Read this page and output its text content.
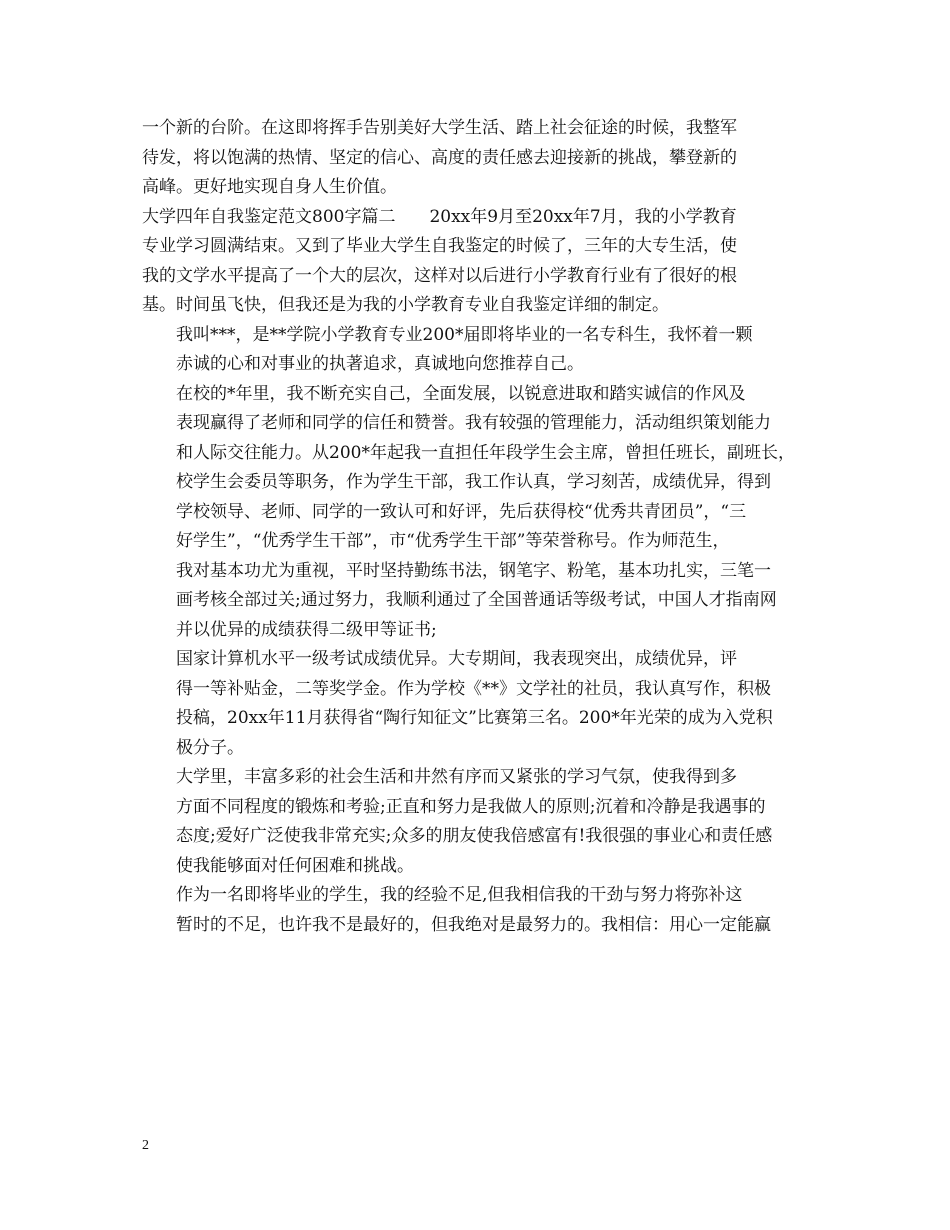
一个新的台阶。在这即将挥手告别美好大学生活、踏上社会征途的时候，我整军
待发，将以饱满的热情、坚定的信心、高度的责任感去迎接新的挑战，攀登新的
高峰。更好地实现自身人生价值。

大学四年自我鉴定范文800字篇二　　20xx年9月至20xx年7月，我的小学教育
专业学习圆满结束。又到了毕业大学生自我鉴定的时候了，三年的大专生活，使
我的文学水平提高了一个大的层次，这样对以后进行小学教育行业有了很好的根
基。时间虽飞快，但我还是为我的小学教育专业自我鉴定详细的制定。

我叫***，是**学院小学教育专业200*届即将毕业的一名专科生，我怀着一颗
赤诚的心和对事业的执著追求，真诚地向您推荐自己。

在校的*年里，我不断充实自己，全面发展，以锐意进取和踏实诚信的作风及
表现赢得了老师和同学的信任和赞誉。我有较强的管理能力，活动组织策划能力
和人际交往能力。从200*年起我一直担任年段学生会主席，曾担任班长，副班长，
校学生会委员等职务，作为学生干部，我工作认真，学习刻苦，成绩优异，得到
学校领导、老师、同学的一致认可和好评，先后获得校“优秀共青团员”，“三
好学生”，“优秀学生干部”，市“优秀学生干部”等荣誉称号。作为师范生，
我对基本功尤为重视，平时坚持勤练书法，钢笔字、粉笔，基本功扎实，三笔一
画考核全部过关;通过努力，我顺利通过了全国普通话等级考试，中国人才指南网
并以优异的成绩获得二级甲等证书;

国家计算机水平一级考试成绩优异。大专期间，我表现突出，成绩优异，评
得一等补贴金，二等奖学金。作为学校《**》文学社的社员，我认真写作，积极
投稿，20xx年11月获得省“陶行知征文”比赛第三名。200*年光荣的成为入党积
极分子。

大学里，丰富多彩的社会生活和井然有序而又紧张的学习气氛，使我得到多
方面不同程度的锻炼和考验;正直和努力是我做人的原则;沉着和冷静是我遇事的
态度;爱好广泛使我非常充实;众多的朋友使我倍感富有!我很强的事业心和责任感
使我能够面对任何困难和挑战。

作为一名即将毕业的学生，我的经验不足,但我相信我的干劲与努力将弥补这
暂时的不足，也许我不是最好的，但我绝对是最努力的。我相信：用心一定能赢

2
